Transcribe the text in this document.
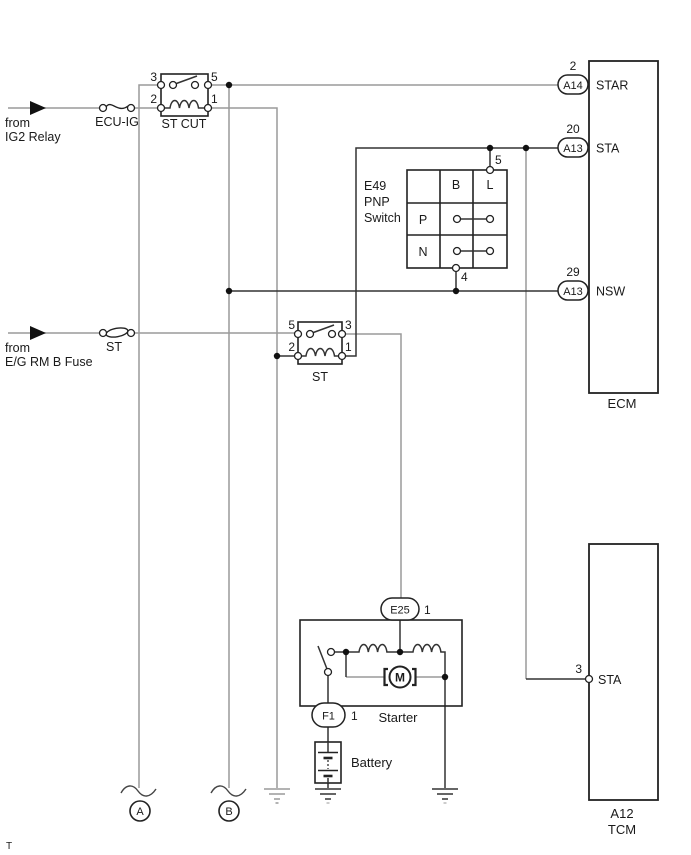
from
IG2 Relay
ECU-IG
3	5
2	1
ST CUT
from
E/G RM B Fuse
ST
5	3
2	1
ST
E49
PNP
Switch
B L
P
N
5
4
2
A14 STAR
20
A13 STA
29
A13 NSW
ECM
3
STA
A12
TCM
E25 1
M
F1 1 Starter
Battery
A	B
T
